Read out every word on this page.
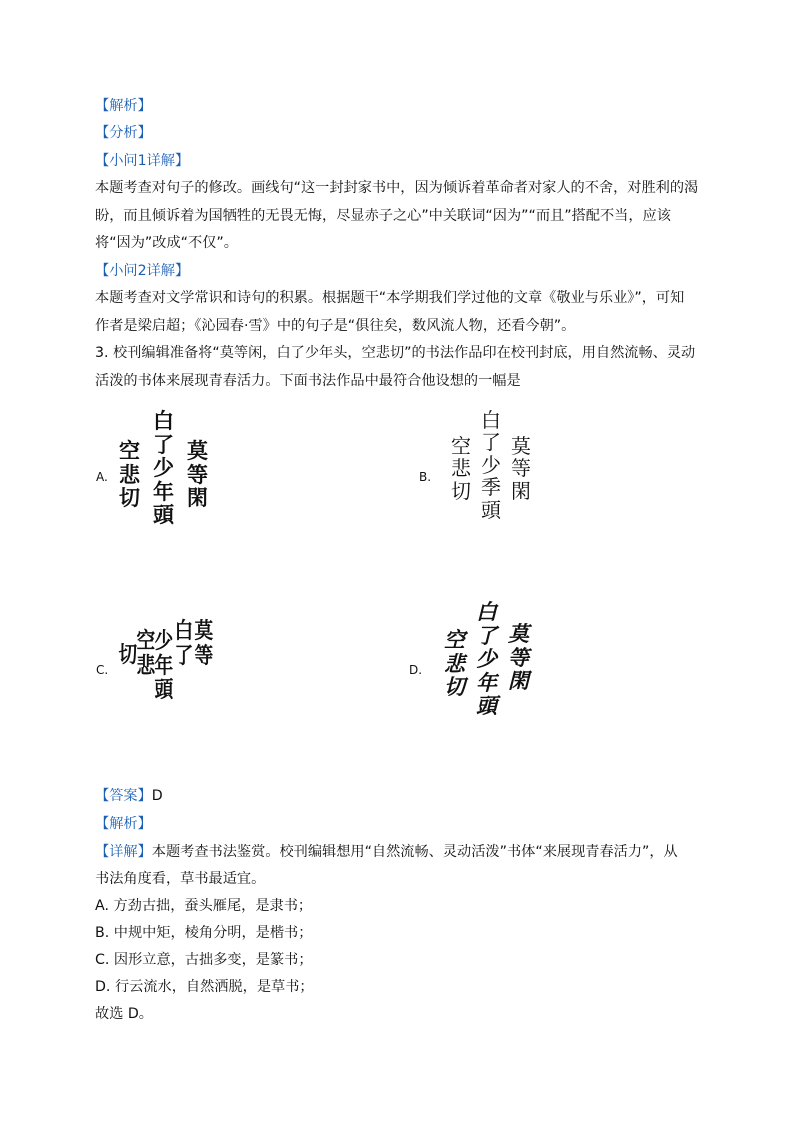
【解析】
【分析】
【小问1详解】
本题考查对句子的修改。画线句“这一封封家书中，因为倾诉着革命者对家人的不舍，对胜利的渴
盼，而且倾诉着为国牺牲的无畏无悔，尽显赤子之心”中关联词“因为”“而且”搭配不当，应该
将“因为”改成“不仅”。
【小问2详解】
本题考查对文学常识和诗句的积累。根据题干“本学期我们学过他的文章《敬业与乐业》”，可知
作者是梁启超；《沁园春·雪》中的句子是“俱往矣，数风流人物，还看今朝”。
3. 校刊编辑准备将“莫等闲，白了少年头，空悲切”的书法作品印在校刊封底，用自然流畅、灵动
活泼的书体来展现青春活力。下面书法作品中最符合他设想的一幅是
A.
莫
等
閑
白
了
少
年
頭
空
悲
切
B.
莫
等
閑
白
了
少
季
頭
空
悲
切
C.
莫
等
白
了
少
年
頭
空
悲
切
D.
莫
等
閑
白
了
少
年
頭
空
悲
切
【答案】D
【解析】
【详解】本题考查书法鉴赏。校刊编辑想用“自然流畅、灵动活泼”书体“来展现青春活力”，从
书法角度看，草书最适宜。
A. 方劲古拙，蚕头雁尾，是隶书；
B. 中规中矩，棱角分明，是楷书；
C. 因形立意，古拙多变，是篆书；
D. 行云流水，自然洒脱，是草书；
故选 D。
